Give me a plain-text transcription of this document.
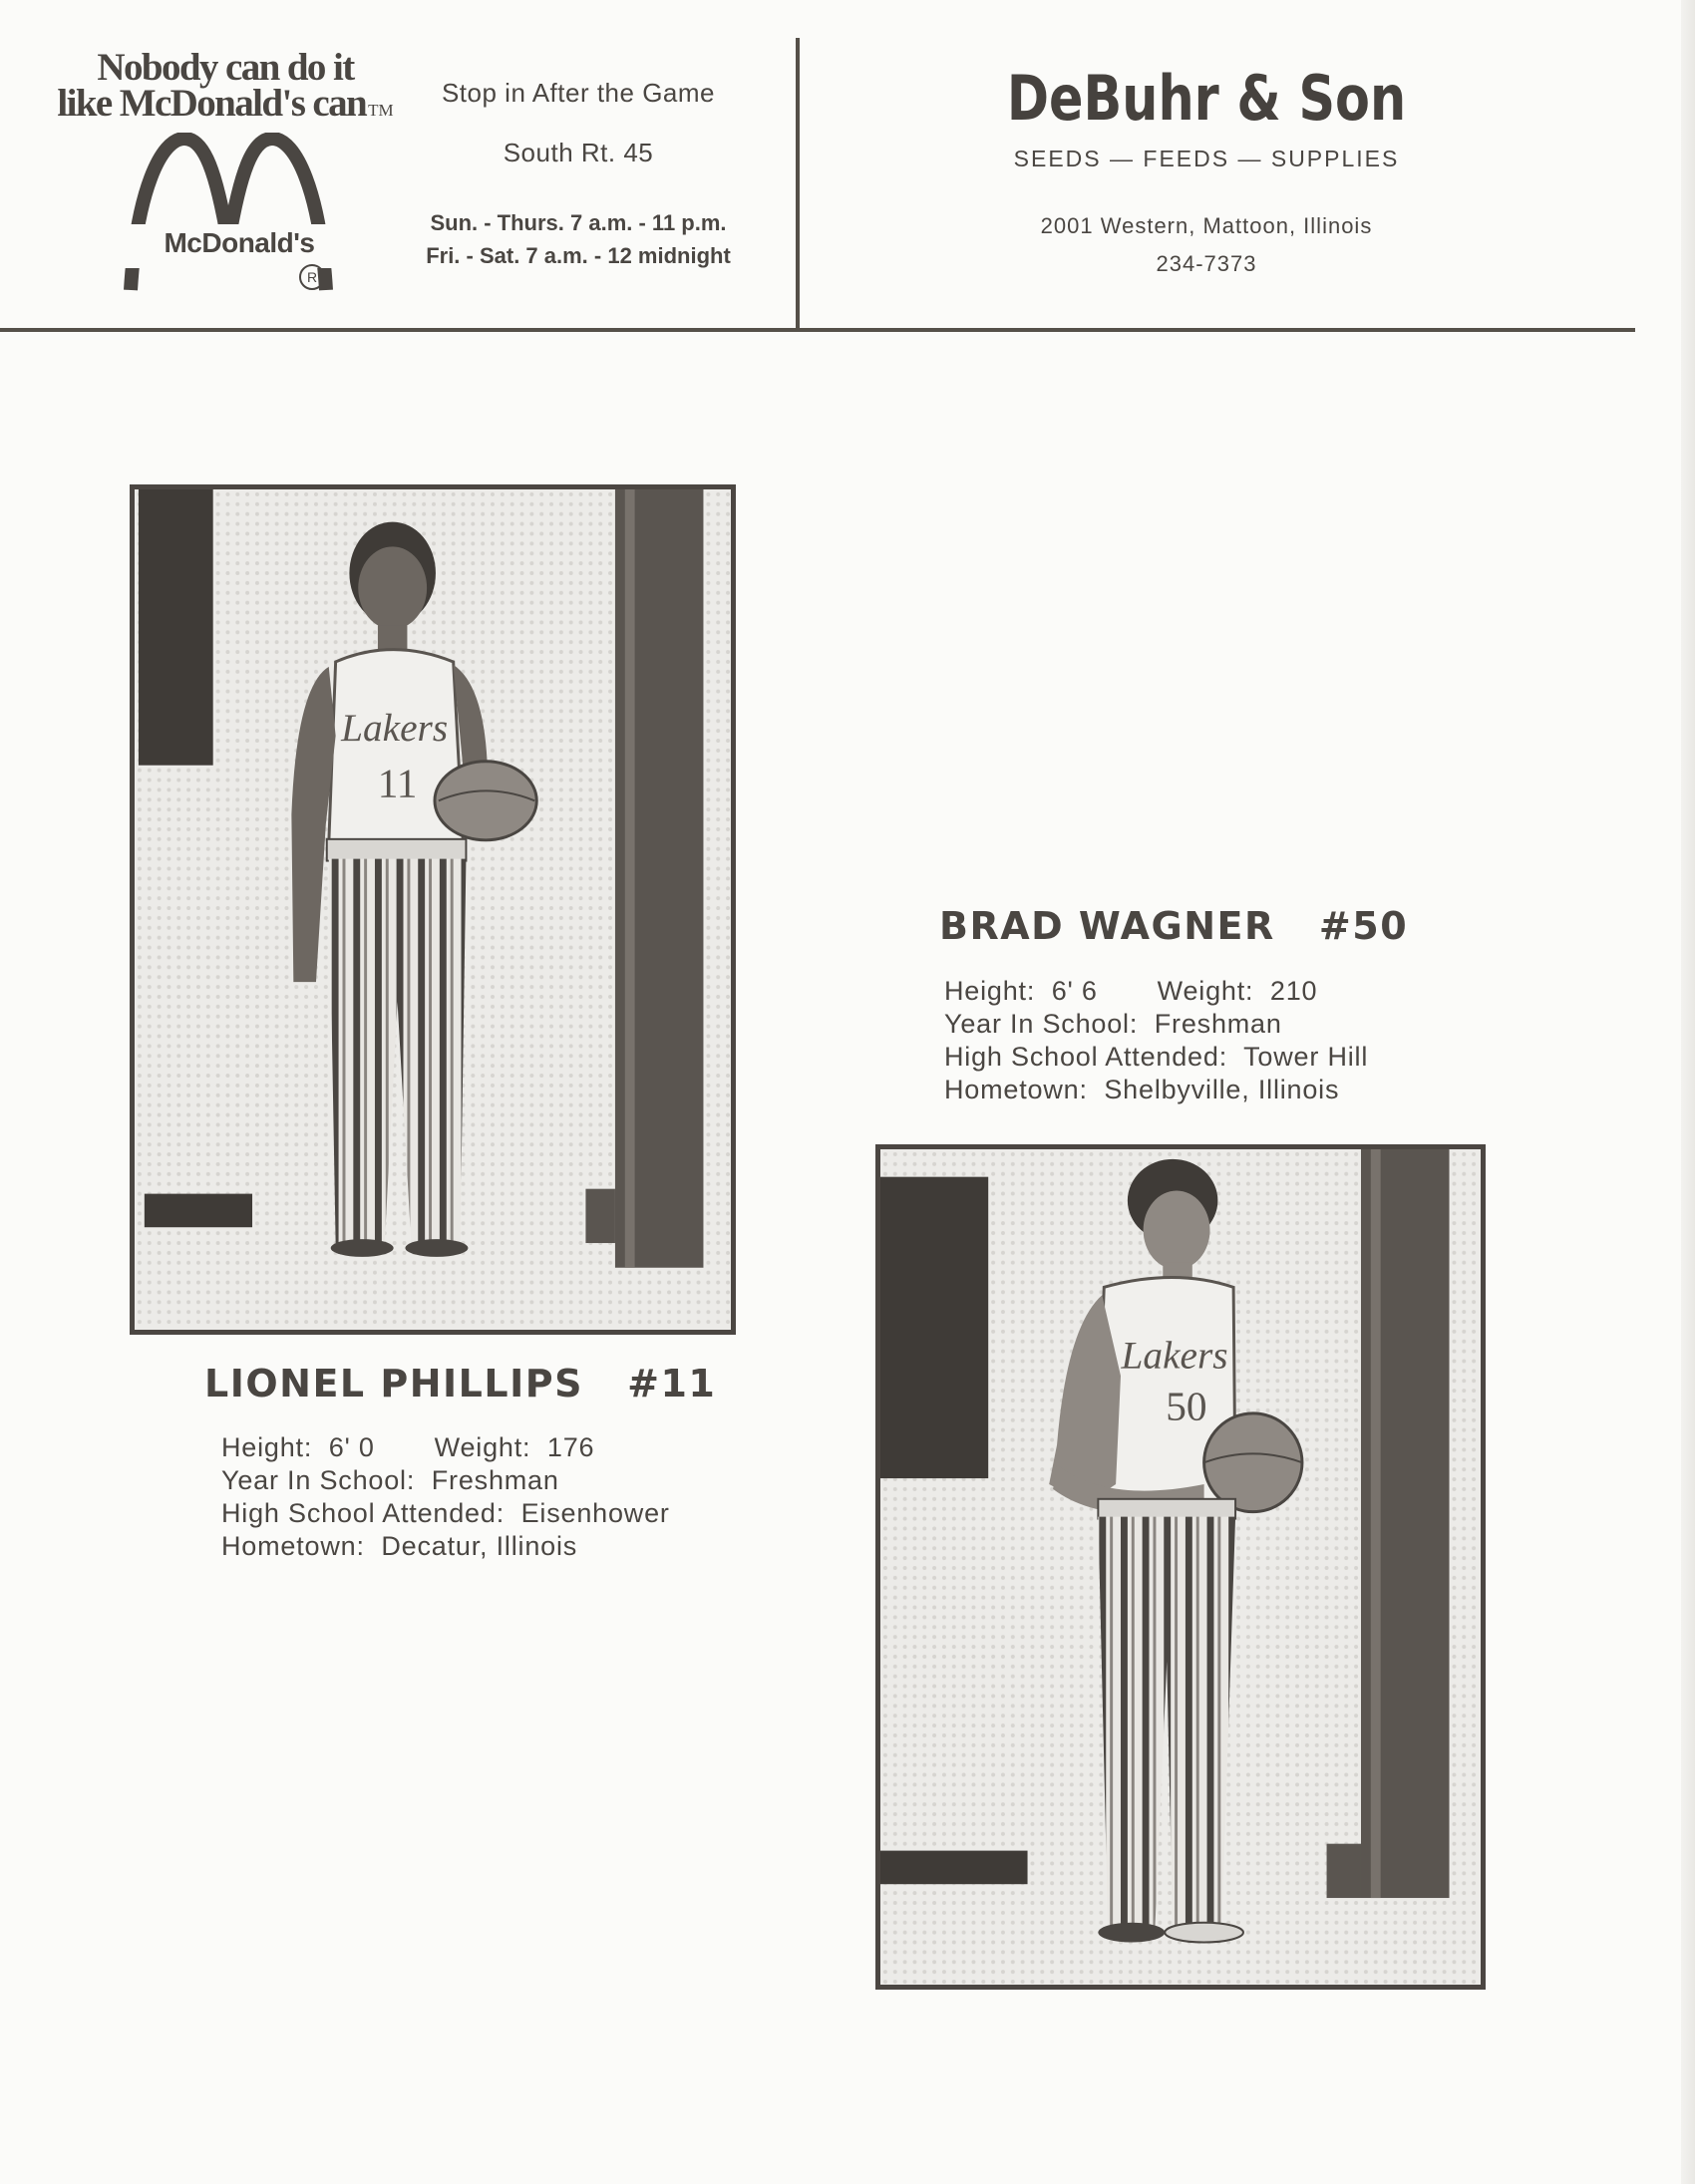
Nobody can do it
like McDonald's can TM
McDonald's
R
Stop in After the Game
South Rt. 45
Sun. - Thurs. 7 a.m. - 11 p.m.
Fri. - Sat. 7 a.m. - 12 midnight
DeBuhr & Son
SEEDS — FEEDS — SUPPLIES
2001 Western, Mattoon, Illinois
234-7373
Lakers
11
LIONEL PHILLIPS   #11
Height: 6' 0 Weight: 176
Year In School: Freshman
High School Attended: Eisenhower
Hometown: Decatur, Illinois
BRAD WAGNER   #50
Height: 6' 6 Weight: 210
Year In School: Freshman
High School Attended: Tower Hill
Hometown: Shelbyville, Illinois
Lakers
50
